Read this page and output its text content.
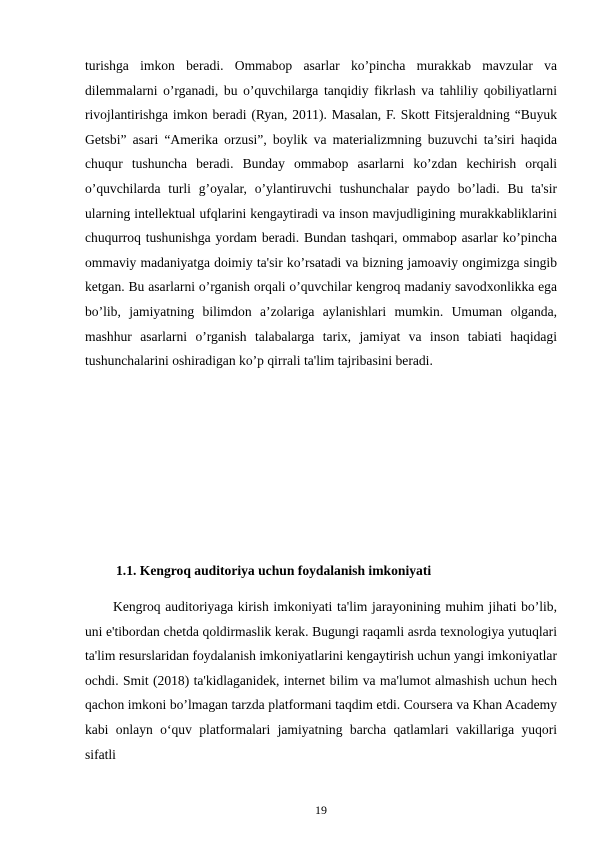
turishga imkon beradi. Ommabop asarlar ko’pincha murakkab mavzular va dilemmalarni o’rganadi, bu o’quvchilarga tanqidiy fikrlash va tahliliy qobiliyatlarni rivojlantirishga imkon beradi (Ryan, 2011). Masalan, F. Skott Fitsjeraldning “Buyuk Getsbi” asari “Amerika orzusi”, boylik va materializmning buzuvchi ta’siri haqida chuqur tushuncha beradi. Bunday ommabop asarlarni ko’zdan kechirish orqali o’quvchilarda turli g’oyalar, o’ylantiruvchi tushunchalar paydo bo’ladi. Bu ta'sir ularning intellektual ufqlarini kengaytiradi va inson mavjudligining murakkabliklarini chuqurroq tushunishga yordam beradi. Bundan tashqari, ommabop asarlar ko’pincha ommaviy madaniyatga doimiy ta'sir ko’rsatadi va bizning jamoaviy ongimizga singib ketgan. Bu asarlarni o’rganish orqali o’quvchilar kengroq madaniy savodxonlikka ega bo’lib, jamiyatning bilimdon a’zolariga aylanishlari mumkin. Umuman olganda, mashhur asarlarni o’rganish talabalarga tarix, jamiyat va inson tabiati haqidagi tushunchalarini oshiradigan ko’p qirrali ta'lim tajribasini beradi.

1.1. Kengroq auditoriya uchun foydalanish imkoniyati

Kengroq auditoriyaga kirish imkoniyati ta'lim jarayonining muhim jihati bo’lib, uni e'tibordan chetda qoldirmaslik kerak. Bugungi raqamli asrda texnologiya yutuqlari ta'lim resurslaridan foydalanish imkoniyatlarini kengaytirish uchun yangi imkoniyatlar ochdi. Smit (2018) ta'kidlaganidek, internet bilim va ma'lumot almashish uchun hech qachon imkoni bo’lmagan tarzda platformani taqdim etdi. Coursera va Khan Academy kabi onlayn o‘quv platformalari jamiyatning barcha qatlamlari vakillariga yuqori sifatli

19
